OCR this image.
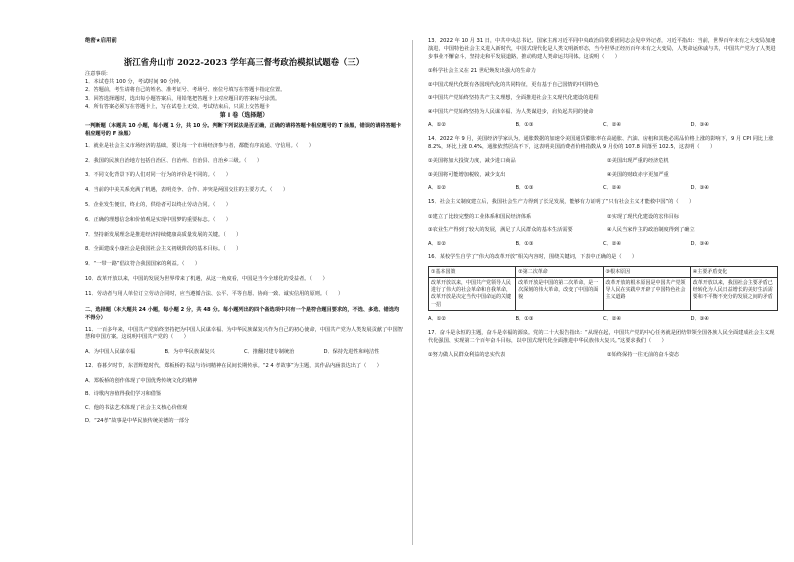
绝密★启用前
浙江省舟山市 2022-2023 学年高三督考政治模拟试题卷（三）
注意事项：
1．本试卷共 100 分，考试时间 90 分钟。
2．答题前，考生请将自己的姓名、准考证号、考场号、座位号填写在答题卡指定位置。
3．回答选择题时，选出每小题答案后，用铅笔把答题卡上对应题目的答案标号涂黑。
4．所有答案必须写在答题卡上，写在试卷上无效，考试结束后，只需上交答题卡
第 I 卷（选择题）
一判断题（本题共 10 小题，每小题 1 分，共 10 分。判断下列说法是否正确，正确的请将答题卡相应题号的 T 涂黑，错误的请将答题卡相应题号的 F 涂黑）
1．就业是社会主义市场经济的基础，要让每一个市场经济参与者，都能有序流通、守信用。（　　）
2．我国的民族自治地方包括自治区、自治州、自治县、自治乡三级。（　　）
3．不同文化背景下的人们对同一行为的评价是不同的。（　　）
4．当前的中美关系充满了机遇，表明竞争、合作、冲突是两国交往的主要方式。（　　）
5．企业发生便宜，终止的，供给者可以终止劳动合同。（　　）
6．正确的理想信念和价值观是实现中国梦的重要标志。（　　）
7．坚持新发展理念是推进经济持续健康高质量发展的关键。（　　）
8．全面建成小康社会是我国社会主义初级阶段的基本目标。（　　）
9．“一带一路”倡议符合我国国家的利益。（　　）
10．改革开放以来，中国的发展为世界带来了机遇，从这一角度看，中国是当今全球化的受益者。（　　）
11．劳动者与用人单位订立劳动合同时，应当遵循合法、公平、平等自愿、协商一致、诚实信用的原则。（　　）
二、选择题（本大题共 24 小题，每小题 2 分，共 48 分。每小题列出的四个备选项中只有一个是符合题目要求的，不选、多选、错选均不得分）
11．一百多年来，中国共产党始终坚持把为中国人民谋幸福、为中华民族谋复兴作为自己的初心使命，中国共产党为人类发展贡献了中国智慧和中国方案。这说明中国共产党的（　　）
A．为中国人民谋幸福	B．为中华民族谋复兴	C．推翻封建专制统治	D．保持先进性和纯洁性
12．春暮夕时节，东晋辉煌时代，郑板桥的书法与诗词精神在民间长期传承。“2 4 孝故事”为主题，其作品内涵表达出了（　　）
A．郑板桥的创作体现了中国优秀传统文化的精神
B．诗歌内容值得我们学习和借鉴
C．他的书法艺术体现了社会主义核心价值观
D．“24孝”故事是中华民族传统美德的一部分
13．2022 年 10 月 31 日，中共中央总书记、国家主席习近平同中央政治局常委团同志会见中外记者，习近平指出：当前，世界百年未有之大变局加速演进，中国特色社会主义进入新时代，中国式现代化是人类文明新形态，当今世界正经历百年未有之大变局，人类命运休戚与共，中国共产党为了人类进步事业不懈奋斗，坚持走和平发展道路，推动构建人类命运共同体。这说明（　　）
①科学社会主义在 21 世纪焕发出强大的生命力
②中国式现代化既有各国现代化的共同特征，更有基于自己国情的中国特色
③中国共产党始终坚持共产主义理想，全面推进社会主义现代化建设的进程
④中国共产党始终坚持为人民谋幸福、为人类谋进步，肩负起共同的使命
A．①②	B．①③	C．②④	D．③④
14．2022 年 9 月，美国经济学家认为，通胀数据的加速令美国通货膨胀率在高通胀、汽油、房租和其他必需品价格上涨的影响下，9 月 CPI 同比上涨 8.2%，环比上涨 0.4%，通胀依然居高不下，这表明美国消费者价格指数从 9 月份的 107.8 回落至 102.5，这表明（　　）
①美国将加大投资力度，减少进口商品	②美国出现严重的经济危机
③美国将可能增加税收，减少支出	④美国的财政赤字更加严重
A．①②	B．①③	C．②④	D．③④
15．社会主义制度建立后，我国社会生产力得到了长足发展，能够有力证明了“只有社会主义才能救中国”的（　　）
①建立了比较完整的工业体系和国民经济体系	②实现了现代化建设的宏伟目标
③农业生产得到了较大的发展，满足了人民群众的基本生活需要	④人民当家作主的政治制度得到了确立
A．①②	B．①③	C．②④	D．③④
16．某校学生自学了“伟大的改革开放”相关内容时，围绕关键词，下表中正确的是（　　）
①基本国策	②第二次革命	③根本原因	④主要矛盾变化
改革开放以来，中国共产党领导人民进行了伟大的社会革命和自我革命，改革开放是决定当代中国命运的关键一招	改革开放是中国的第二次革命，是一次深刻的伟大革命，改变了中国的面貌	改革开放的根本原因是中国共产党领导人民在实践中开辟了中国特色社会主义道路	改革开放以来，我国社会主要矛盾已经转化为人民日益增长的美好生活需要和不平衡不充分的发展之间的矛盾
A．①②	B．①③	C．②④	D．③④
17．奋斗是永恒的主题，奋斗是幸福的源泉。党的二十大报告指出：“从现在起，中国共产党的中心任务就是团结带领全国各族人民全面建成社会主义现代化强国、实现第二个百年奋斗目标，以中国式现代化全面推进中华民族伟大复兴。”这要求我们（　　）
①努力做人民群众利益的忠实代表	②始终保持一往无前的奋斗姿态
